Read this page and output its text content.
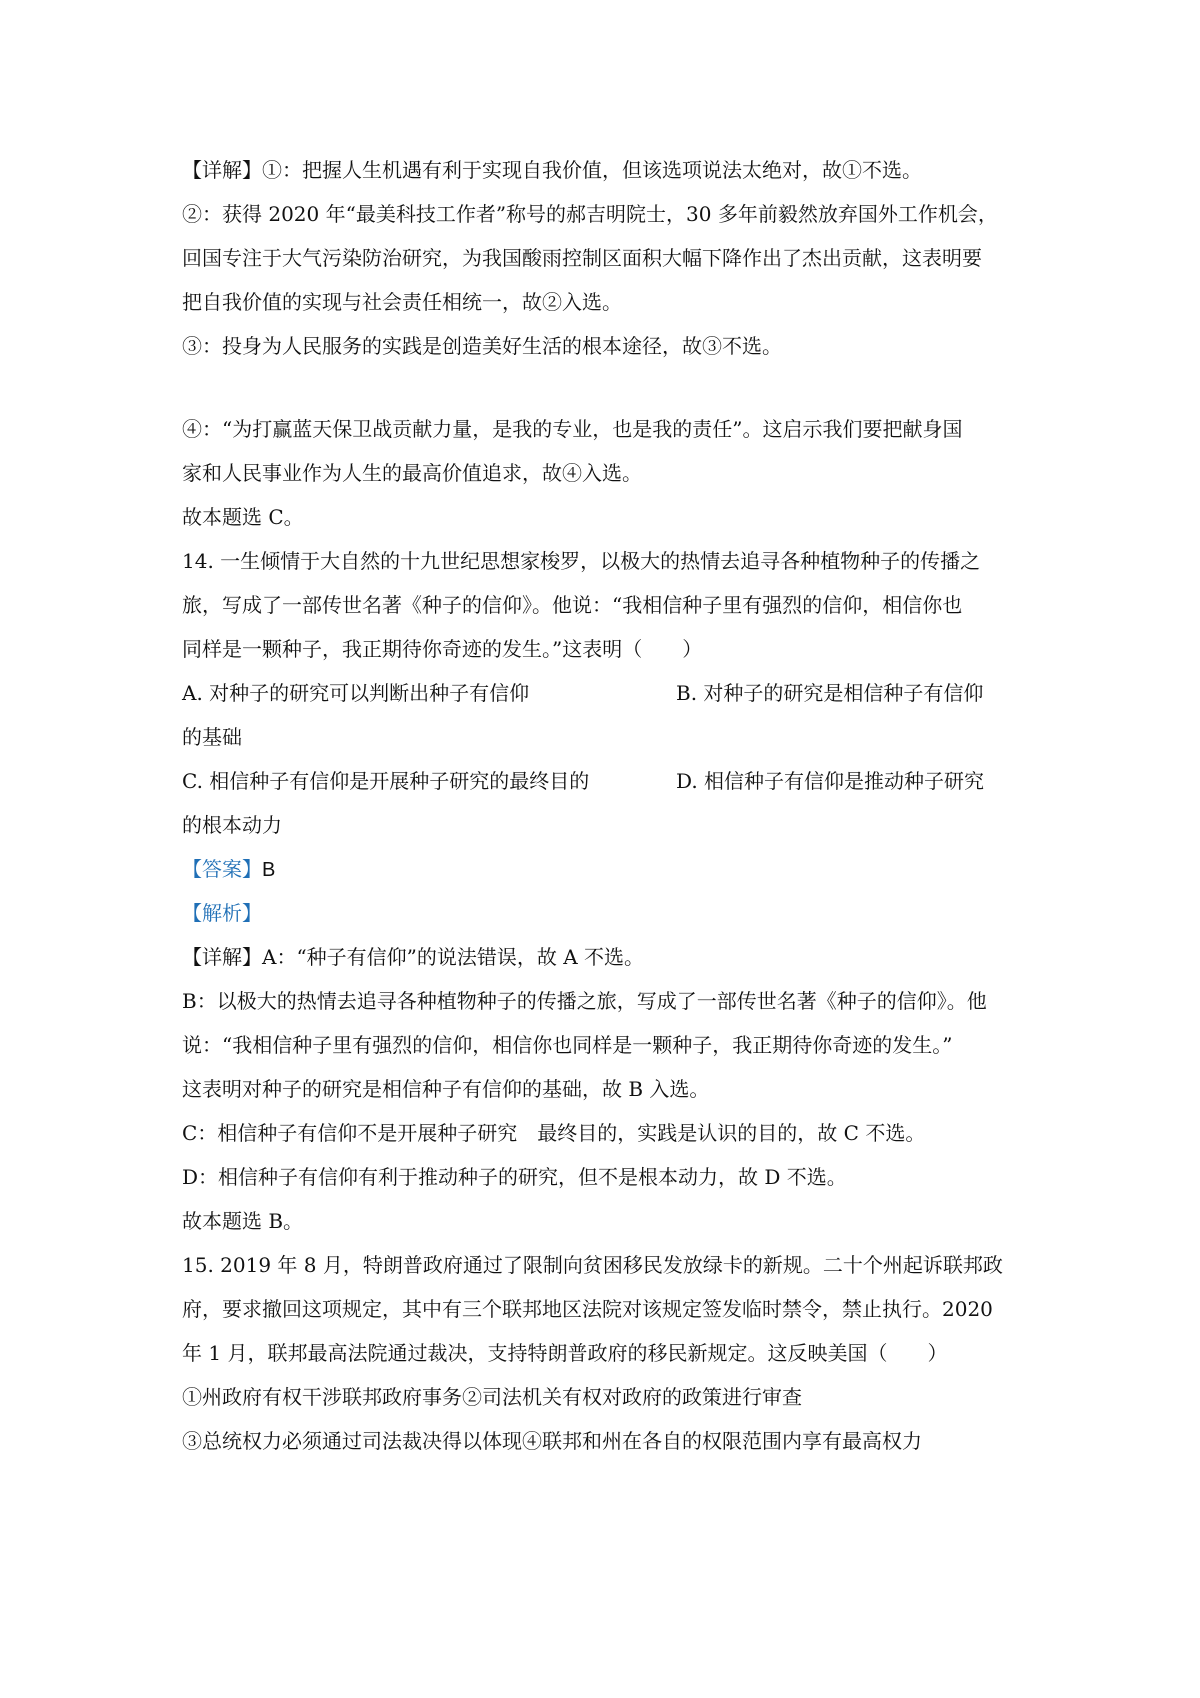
【详解】①：把握人生机遇有利于实现自我价值，但该选项说法太绝对，故①不选。
②：获得 2020 年“最美科技工作者”称号的郝吉明院士，30 多年前毅然放弃国外工作机会，
回国专注于大气污染防治研究，为我国酸雨控制区面积大幅下降作出了杰出贡献，这表明要
把自我价值的实现与社会责任相统一，故②入选。
③：投身为人民服务的实践是创造美好生活的根本途径，故③不选。
④：“为打赢蓝天保卫战贡献力量，是我的专业，也是我的责任”。这启示我们要把献身国
家和人民事业作为人生的最高价值追求，故④入选。
故本题选 C。
14. 一生倾情于大自然的十九世纪思想家梭罗，以极大的热情去追寻各种植物种子的传播之
旅，写成了一部传世名著《种子的信仰》。他说：“我相信种子里有强烈的信仰，相信你也
同样是一颗种子，我正期待你奇迹的发生。”这表明（　　）
A. 对种子的研究可以判断出种子有信仰	B. 对种子的研究是相信种子有信仰
的基础
C. 相信种子有信仰是开展种子研究的最终目的	D. 相信种子有信仰是推动种子研究
的根本动力
【答案】B
【解析】
【详解】A：“种子有信仰”的说法错误，故 A 不选。
B：以极大的热情去追寻各种植物种子的传播之旅，写成了一部传世名著《种子的信仰》。他
说：“我相信种子里有强烈的信仰，相信你也同样是一颗种子，我正期待你奇迹的发生。”
这表明对种子的研究是相信种子有信仰的基础，故 B 入选。
C：相信种子有信仰不是开展种子研究　最终目的，实践是认识的目的，故 C 不选。
D：相信种子有信仰有利于推动种子的研究，但不是根本动力，故 D 不选。
故本题选 B。
15. 2019 年 8 月，特朗普政府通过了限制向贫困移民发放绿卡的新规。二十个州起诉联邦政
府，要求撤回这项规定，其中有三个联邦地区法院对该规定签发临时禁令，禁止执行。2020
年 1 月，联邦最高法院通过裁决，支持特朗普政府的移民新规定。这反映美国（　　）
①州政府有权干涉联邦政府事务②司法机关有权对政府的政策进行审查
③总统权力必须通过司法裁决得以体现④联邦和州在各自的权限范围内享有最高权力
